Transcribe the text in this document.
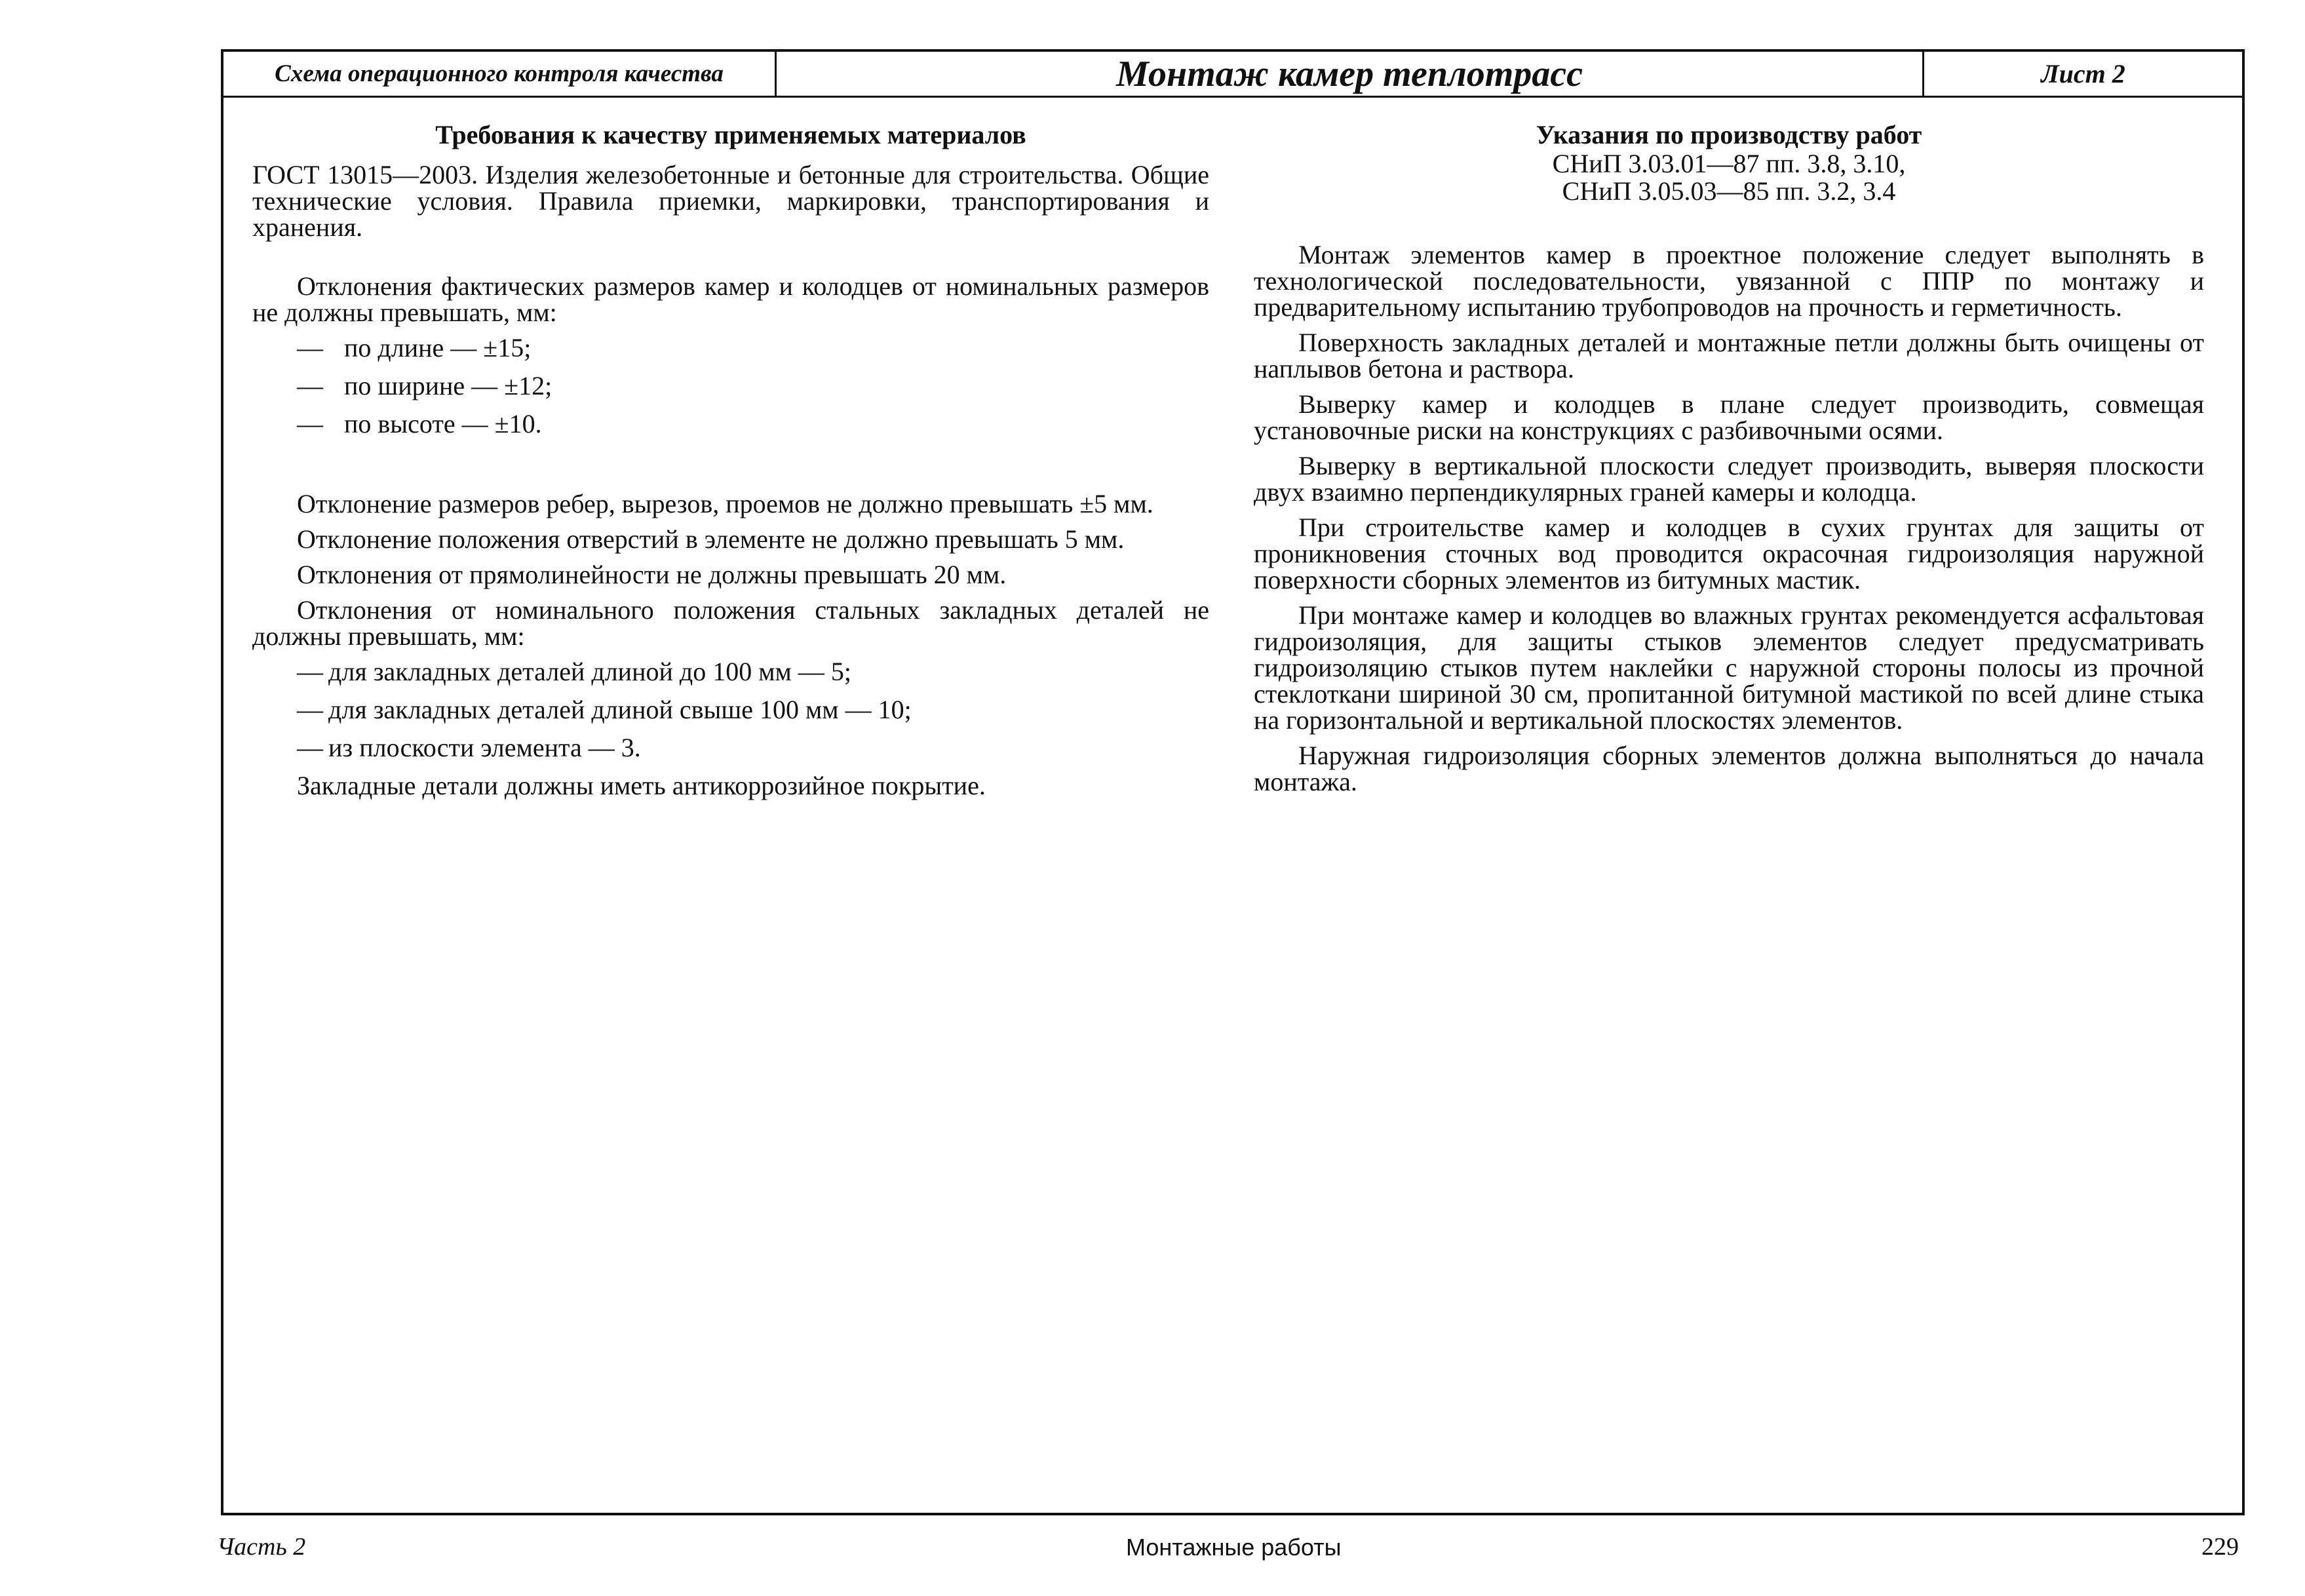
Схема операционного контроля качества	Монтаж камер теплотрасс	Лист 2
Требования к качеству применяемых материалов

ГОСТ 13015—2003. Изделия железобетонные и бетонные для строительства. Общие технические условия. Правила приемки, маркировки, транспортирования и хранения.

Отклонения фактических размеров камер и колодцев от номинальных размеров не должны превышать, мм:

— по длине — ±15;
— по ширине — ±12;
— по высоте — ±10.

Отклонение размеров ребер, вырезов, проемов не должно превышать ±5 мм.

Отклонение положения отверстий в элементе не должно превышать 5 мм.

Отклонения от прямолинейности не должны превышать 20 мм.

Отклонения от номинального положения стальных закладных деталей не должны превышать, мм:

— для закладных деталей длиной до 100 мм — 5;
— для закладных деталей длиной свыше 100 мм — 10;
— из плоскости элемента — 3.

Закладные детали должны иметь антикоррозийное покрытие.

Указания по производству работ
СНиП 3.03.01—87 пп. 3.8, 3.10,
СНиП 3.05.03—85 пп. 3.2, 3.4

Монтаж элементов камер в проектное положение следует выполнять в технологической последовательности, увязанной с ППР по монтажу и предварительному испытанию трубопроводов на прочность и герметичность.

Поверхность закладных деталей и монтажные петли должны быть очищены от наплывов бетона и раствора.

Выверку камер и колодцев в плане следует производить, совмещая установочные риски на конструкциях с разбивочными осями.

Выверку в вертикальной плоскости следует производить, выверяя плоскости двух взаимно перпендикулярных граней камеры и колодца.

При строительстве камер и колодцев в сухих грунтах для защиты от проникновения сточных вод проводится окрасочная гидроизоляция наружной поверхности сборных элементов из битумных мастик.

При монтаже камер и колодцев во влажных грунтах рекомендуется асфальтовая гидроизоляция, для защиты стыков элементов следует предусматривать гидроизоляцию стыков путем наклейки с наружной стороны полосы из прочной стеклоткани шириной 30 см, пропитанной битумной мастикой по всей длине стыка на горизонтальной и вертикальной плоскостях элементов.

Наружная гидроизоляция сборных элементов должна выполняться до начала монтажа.

Часть 2	Монтажные работы	229
